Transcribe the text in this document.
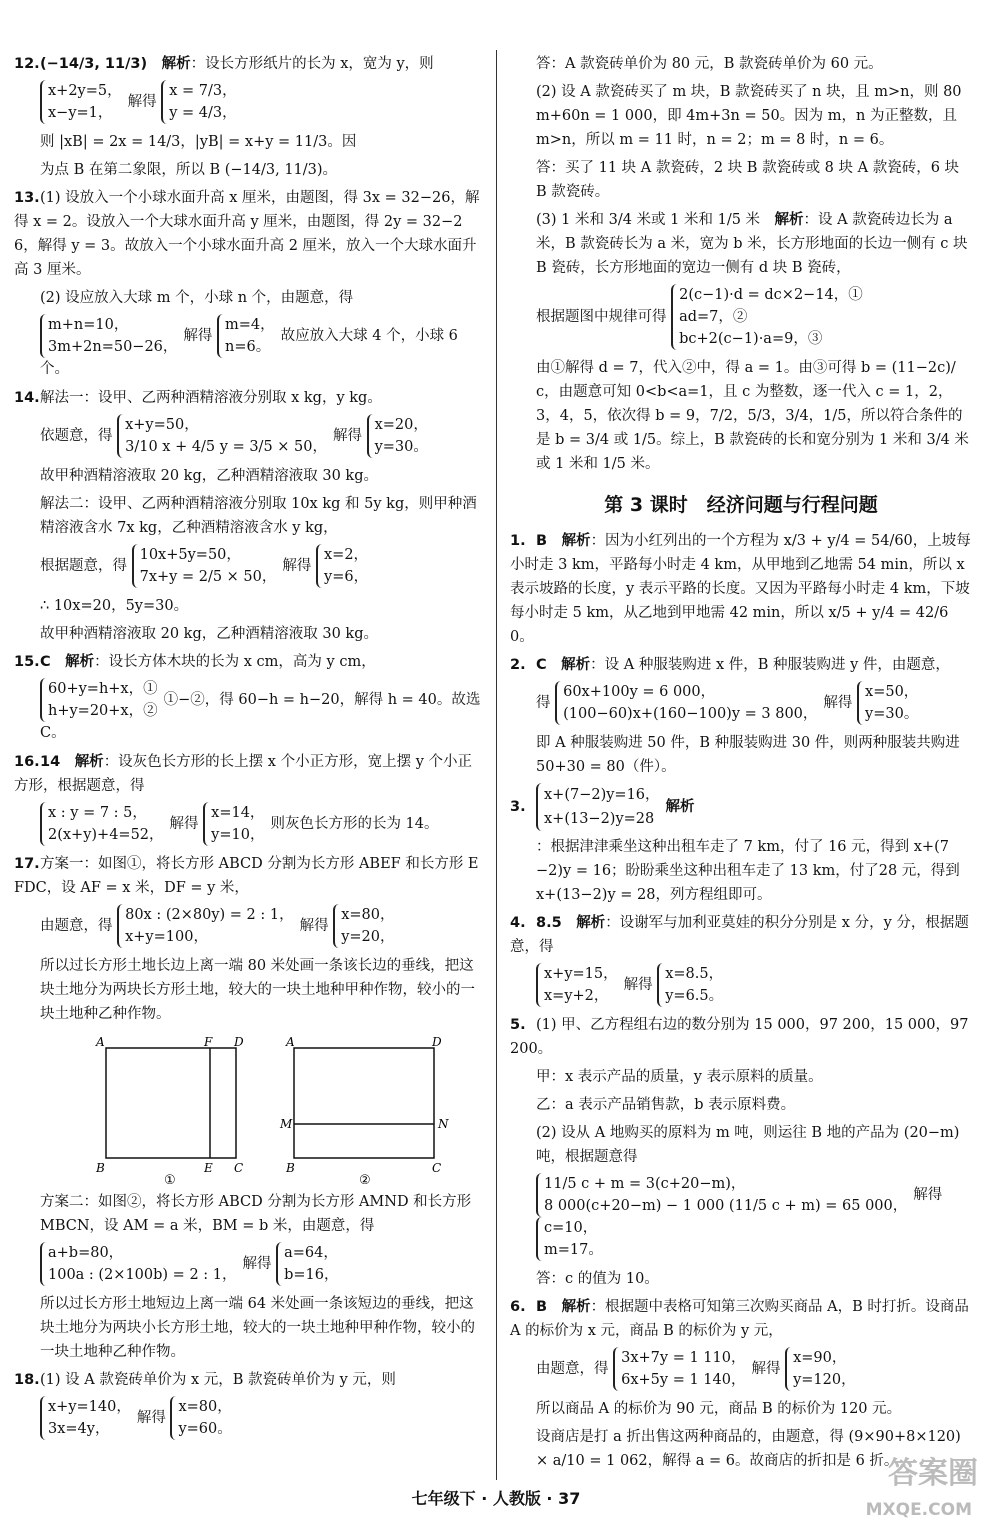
12.(−14/3, 11/3)　 解析：设长方形纸片的长为 x，宽为 y，则

x+2y=5，
x−y=1，
解得
x = 7/3，
y = 4/3，

则 |xB| = 2x = 14/3，|yB| = x+y = 11/3。因

为点 B 在第二象限，所以 B (−14/3, 11/3)。

13.(1) 设放入一个小球水面升高 x 厘米，由题图，得 3x = 32−26，解得 x = 2。设放入一个大球水面升高 y 厘米，由题图，得 2y = 32−26，解得 y = 3。故放入一个小球水面升高 2 厘米，放入一个大球水面升高 3 厘米。

(2) 设应放入大球 m 个，小球 n 个，由题意，得

m+n=10，
3m+2n=50−26，
解得
m=4，
n=6。
故应放入大球 4 个，小球 6 个。

14.解法一：设甲、乙两种酒精溶液分别取 x kg，y kg。

依题意，得
x+y=50，
3/10 x + 4/5 y = 3/5 × 50，
解得
x=20，
y=30。

故甲种酒精溶液取 20 kg，乙种酒精溶液取 30 kg。

解法二：设甲、乙两种酒精溶液分别取 10x kg 和 5y kg，则甲种酒精溶液含水 7x kg，乙种酒精溶液含水 y kg，

根据题意，得
10x+5y=50，
7x+y = 2/5 × 50，
解得
x=2，
y=6，

∴ 10x=20，5y=30。

故甲种酒精溶液取 20 kg，乙种酒精溶液取 30 kg。

15.C　 解析：设长方体木块的长为 x cm，高为 y cm，

60+y=h+x，①
h+y=20+x，②
①−②，得 60−h = h−20，解得 h = 40。故选 C。

16.14　 解析：设灰色长方形的长上摆 x 个小正方形，宽上摆 y 个小正方形，根据题意，得

x : y = 7 : 5，
2(x+y)+4=52，
解得
x=14，
y=10，
则灰色长方形的长为 14。

17.方案一：如图①，将长方形 ABCD 分割为长方形 ABEF 和长方形 EFDC，设 AF = x 米，DF = y 米，

由题意，得
80x : (2×80y) = 2 : 1，
x+y=100，
解得
x=80，
y=20，

所以过长方形土地长边上离一端 80 米处画一条该长边的垂线，把这块土地分为两块长方形土地，较大的一块土地种甲种作物，较小的一块土地种乙种作物。

A	F D
B	E C
①
A	D
M	N
B	C
②

方案二：如图②，将长方形 ABCD 分割为长方形 AMND 和长方形 MBCN，设 AM = a 米，BM = b 米，由题意，得

a+b=80，
100a : (2×100b) = 2 : 1，
解得
a=64，
b=16，

所以过长方形土地短边上离一端 64 米处画一条该短边的垂线，把这块土地分为两块小长方形土地，较大的一块土地种甲种作物，较小的一块土地种乙种作物。

18.(1) 设 A 款瓷砖单价为 x 元，B 款瓷砖单价为 y 元，则

x+y=140，
3x=4y，
解得
x=80，
y=60。

答：A 款瓷砖单价为 80 元，B 款瓷砖单价为 60 元。

(2) 设 A 款瓷砖买了 m 块，B 款瓷砖买了 n 块，且 m>n，则 80m+60n = 1 000，即 4m+3n = 50。因为 m，n 为正整数，且 m>n，所以 m = 11 时，n = 2；m = 8 时，n = 6。

答：买了 11 块 A 款瓷砖，2 块 B 款瓷砖或 8 块 A 款瓷砖，6 块 B 款瓷砖。

(3) 1 米和 3/4 米或 1 米和 1/5 米　 解析：设 A 款瓷砖边长为 a 米，B 款瓷砖长为 a 米，宽为 b 米，长方形地面的长边一侧有 c 块 B 瓷砖，长方形地面的宽边一侧有 d 块 B 瓷砖，

根据题图中规律可得
2(c−1)·d = dc×2−14，①
ad=7，②
bc+2(c−1)·a=9，③

由①解得 d = 7，代入②中，得 a = 1。由③可得 b = (11−2c)/c，由题意可知 0<b<a=1，且 c 为整数，逐一代入 c = 1，2，3，4，5，依次得 b = 9，7/2，5/3，3/4，1/5，所以符合条件的是 b = 3/4 或 1/5。综上，B 款瓷砖的长和宽分别为 1 米和 3/4 米或 1 米和 1/5 米。

第 3 课时　经济问题与行程问题

1. B　 解析：因为小红列出的一个方程为 x/3 + y/4 = 54/60，上坡每小时走 3 km，平路每小时走 4 km，从甲地到乙地需 54 min，所以 x 表示坡路的长度，y 表示平路的长度。又因为平路每小时走 4 km，下坡每小时走 5 km，从乙地到甲地需 42 min，所以 x/5 + y/4 = 42/60。

2. C　 解析：设 A 种服装购进 x 件，B 种服装购进 y 件，由题意，

得
60x+100y = 6 000，
(100−60)x+(160−100)y = 3 800，
解得
x=50，
y=30。

即 A 种服装购进 50 件，B 种服装购进 30 件，则两种服装共购进 50+30 = 80（件）。

3.
x+(7−2)y=16，
x+(13−2)y=28
解析

：根据津津乘坐这种出租车走了 7 km，付了 16 元，得到 x+(7−2)y = 16；盼盼乘坐这种出租车走了 13 km，付了28 元，得到 x+(13−2)y = 28，列方程组即可。

4. 8.5　 解析：设谢军与加利亚莫娃的积分分别是 x 分，y 分，根据题意，得

x+y=15，
x=y+2，
解得
x=8.5，
y=6.5。

5. (1) 甲、乙方程组右边的数分别为 15 000，97 200，15 000，97 200。

甲：x 表示产品的质量，y 表示原料的质量。

乙：a 表示产品销售款，b 表示原料费。

(2) 设从 A 地购买的原料为 m 吨，则运往 B 地的产品为 (20−m) 吨，根据题意得

11/5 c + m = 3(c+20−m)，
8 000(c+20−m) − 1 000 (11/5 c + m) = 65 000，
解得
c=10，
m=17。

答：c 的值为 10。

6. B　 解析：根据题中表格可知第三次购买商品 A，B 时打折。设商品 A 的标价为 x 元，商品 B 的标价为 y 元，

由题意，得
3x+7y = 1 110，
6x+5y = 1 140，
解得
x=90，
y=120，

所以商品 A 的标价为 90 元，商品 B 的标价为 120 元。

设商店是打 a 折出售这两种商品的，由题意，得 (9×90+8×120) × a/10 = 1 062，解得 a = 6。故商店的折扣是 6 折。

七年级下 · 人教版 · 37
答案圈
MXQE.COM
